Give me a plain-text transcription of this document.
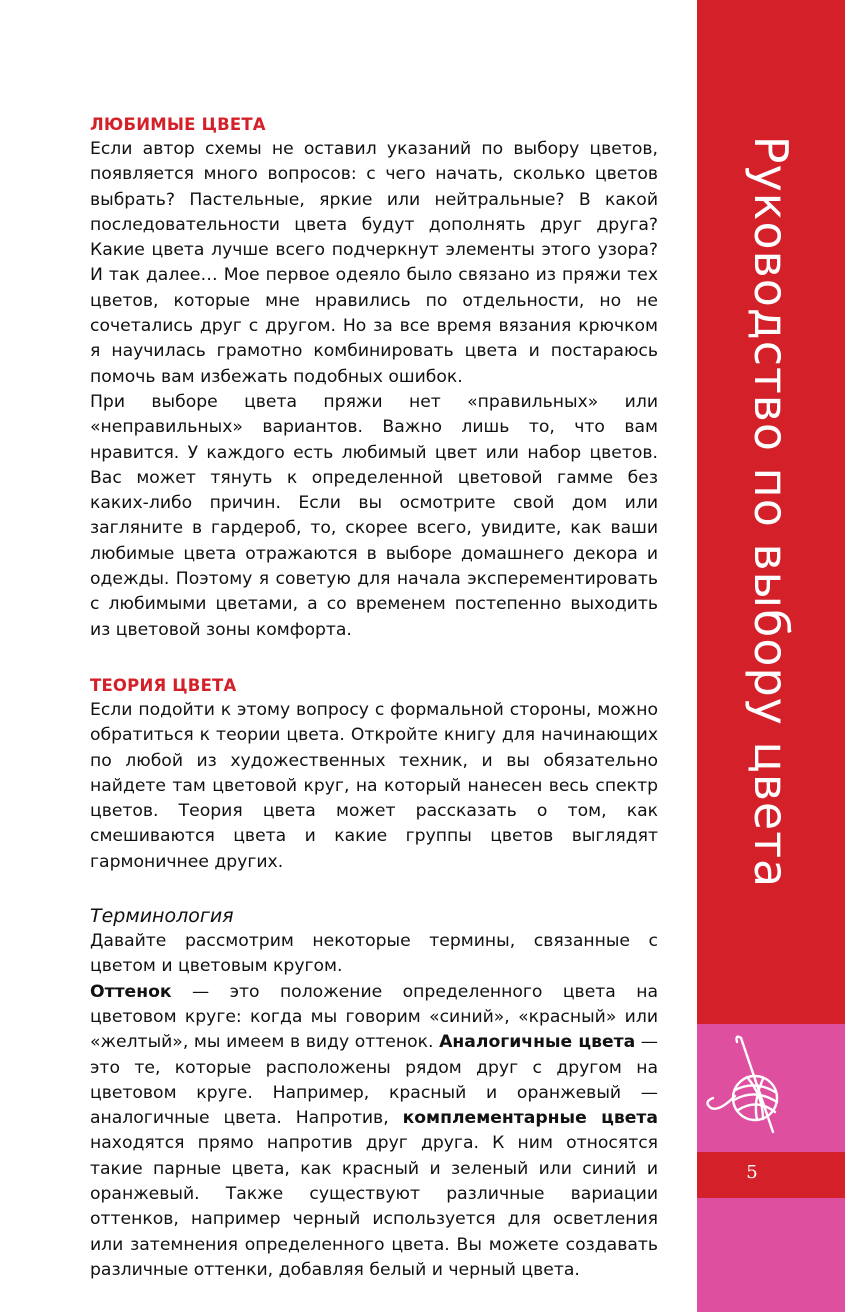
ЛЮБИМЫЕ ЦВЕТА

Если автор схемы не оставил указаний по выбору цветов, появляется много вопросов: с чего начать, сколько цветов выбрать? Пастельные, яркие или нейтральные? В какой последовательности цвета будут дополнять друг друга? Какие цвета лучше всего подчеркнут элементы этого узора? И так далее… Мое первое одеяло было связано из пряжи тех цветов, которые мне нравились по отдельности, но не сочетались друг с другом. Но за все время вязания крючком я научилась грамотно комбинировать цвета и постараюсь помочь вам избежать подобных ошибок.

При выборе цвета пряжи нет «правильных» или «неправильных» вариантов. Важно лишь то, что вам нравится. У каждого есть любимый цвет или набор цветов. Вас может тянуть к определенной цветовой гамме без каких-либо причин. Если вы осмотрите свой дом или загляните в гардероб, то, скорее всего, увидите, как ваши любимые цвета отражаются в выборе домашнего декора и одежды. Поэтому я советую для начала эксперементировать с любимыми цветами, а со временем постепенно выходить из цветовой зоны комфорта.

ТЕОРИЯ ЦВЕТА

Если подойти к этому вопросу с формальной стороны, можно обратиться к теории цвета. Откройте книгу для начинающих по любой из художественных техник, и вы обязательно найдете там цветовой круг, на который нанесен весь спектр цветов. Теория цвета может рассказать о том, как смешиваются цвета и какие группы цветов выглядят гармоничнее других.

Терминология

Давайте рассмотрим некоторые термины, связанные с цветом и цветовым кругом.

Оттенок — это положение определенного цвета на цветовом круге: когда мы говорим «синий», «красный» или «желтый», мы имеем в виду оттенок. Аналогичные цвета — это те, которые расположены рядом друг с другом на цветовом круге. Например, красный и оранжевый — аналогичные цвета. Напротив, комплементарные цвета находятся прямо напротив друг друга. К ним относятся такие парные цвета, как красный и зеленый или синий и оранжевый. Также существуют различные вариации оттенков, например черный используется для осветления или затемнения определенного цвета. Вы можете создавать различные оттенки, добавляя белый и черный цвета.

Руководство по выбору цвета
5
